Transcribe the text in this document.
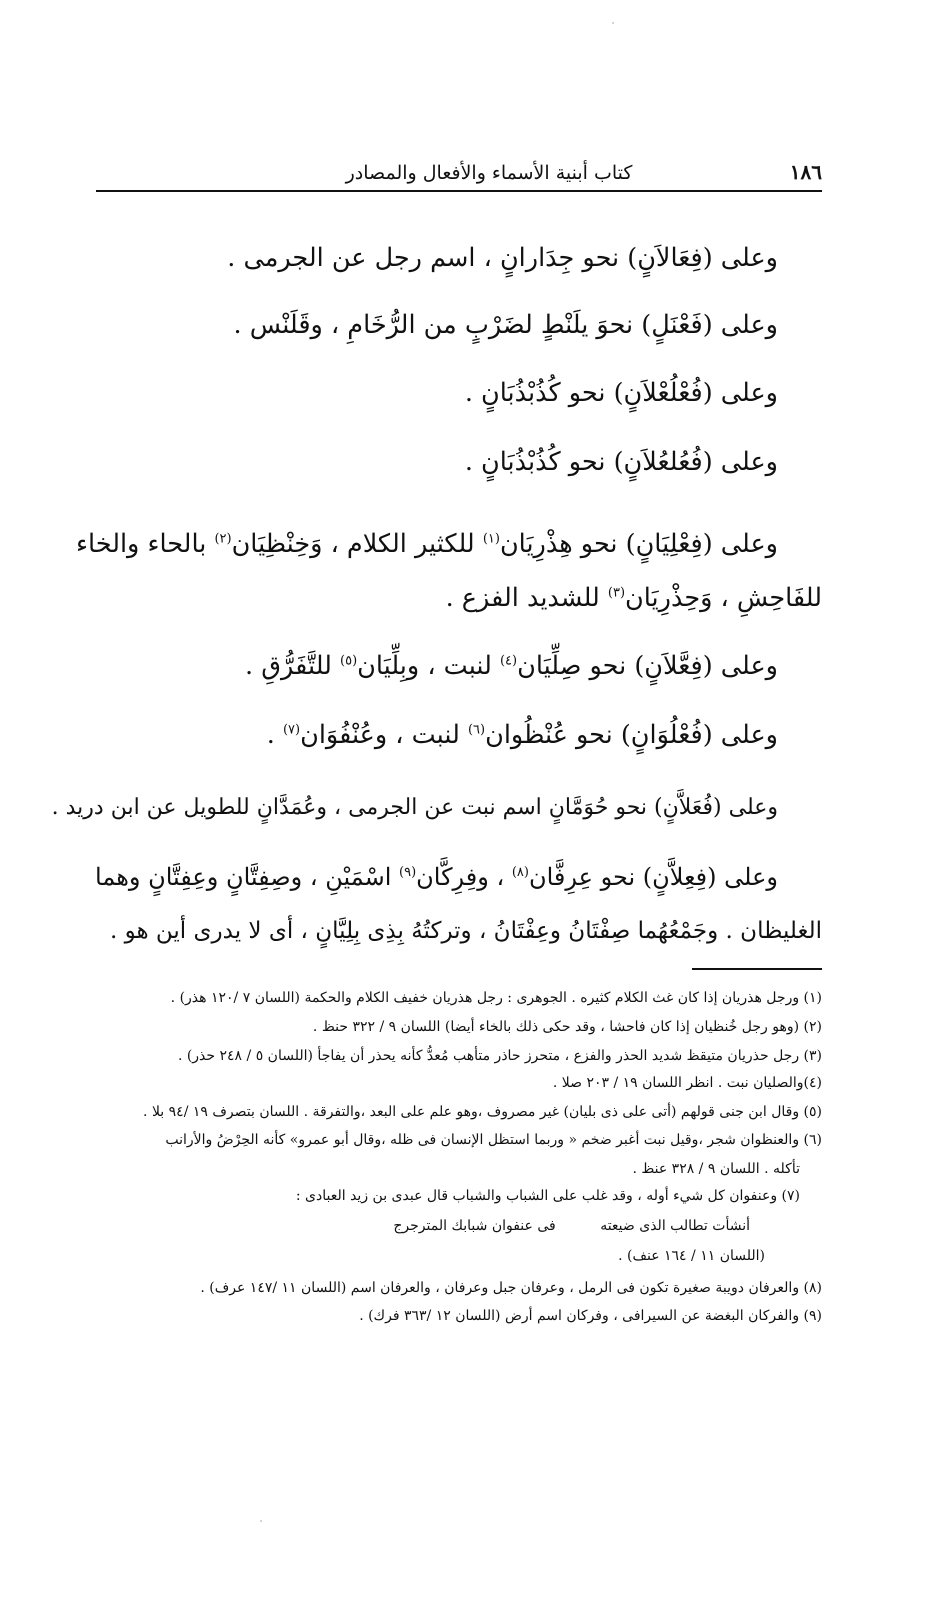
١٨٦
كتاب أبنية الأسماء والأفعال والمصادر
وعلى (فِعَالاَنٍ) نحو جِدَارانٍ ، اسم رجل عن الجرمى .
وعلى (فَعْنَلٍ) نحوَ يلَنْطٍ لضَرْبٍ من الرُّخَامِ ، وقَلَنْس .
وعلى (فُعْلُعْلاَنٍ) نحو كُذُبْذُبَانٍ .
وعلى (فُعُلعُلاَنٍ) نحو كُذُبْذُبَانٍ .
وعلى (فِعْلِيَانٍ) نحو هِذْرِيَان$^{(١)}$ للكثير الكلام ، وَخِنْظِيَان$^{(٢)}$ بالحاء والخاء
للفَاحِشِ ، وَحِذْرِيَان$^{(٣)}$ للشديد الفزع .
وعلى (فِعَّلاَنٍ) نحو صِلِّيَان$^{(٤)}$ لنبت ، وبِلِّيَان$^{(٥)}$ للتَّفَرُّقِ .
وعلى (فُعْلُوَانٍ) نحو عُنْظُوان$^{(٦)}$ لنبت ، وعُنْفُوَان$^{(٧)}$ .
وعلى (فُعَلاَّنٍ) نحو حُوَمَّانٍ اسم نبت عن الجرمى ، وعُمَدَّانٍ للطويل عن ابن دريد .
وعلى (فِعِلاَّنٍ) نحو عِرِفَّان$^{(٨)}$ ، وفِرِكَّان$^{(٩)}$ اسْمَيْنِ ، وصِفِتَّانٍ وعِفِتَّانٍ وهما
الغليظان . وجَمْعُهُما صِفْتَانُ وعِفْتَانُ ، وتركتُهُ بِذِى بِلِيَّانٍ ، أى لا يدرى أين هو .
(١) ورجل هذريان إذا كان غث الكلام كثيره . الجوهرى : رجل هذريان خفيف الكلام والحكمة (اللسان ٧ /١٢٠ هذر) .
(٢) (وهو رجل خُنظيان إذا كان فاحشا ، وقد حكى ذلك بالخاء أيضا) اللسان ٩ / ٣٢٢ حنظ .
(٣) رجل حذريان متيقظ شديد الحذر والفزع ، متحرز حاذر متأهب مُعدُّ كأنه يحذر أن يفاجأ (اللسان ٥ / ٢٤٨ حذر) .
(٤)والصليان نبت . انظر اللسان ١٩ / ٢٠٣ صلا .
(٥) وقال ابن جنى قولهم (أتى على ذى بليان) غير مصروف ،وهو علم على البعد ،والتفرقة . اللسان بتصرف ١٩ /٩٤ بلا .
(٦) والعنظوان شجر ،وقيل نبت أغبر ضخم « وربما استظل الإنسان فى ظله ،وقال أبو عمرو» كأنه الحِرْضُ والأرانب
تأكله . اللسان ٩ / ٣٢٨ عنظ .
(٧) وعنفوان كل شيء أوله ، وقد غلب على الشباب والشباب قال عبدى بن زيد العبادى :
أنشأت تطالب الذى ضيعته          فى عنفوان شبابك المترجرج
(اللسان ١١ / ١٦٤ عنف) .
(٨) والعرفان دويبة صغيرة تكون فى الرمل ، وعرفان جبل وعرفان ، والعرفان اسم (اللسان ١١ /١٤٧ عرف) .
(٩) والفركان البغضة عن السيرافى ، وفركان اسم أرض (اللسان ١٢ /٣٦٣ فرك) .
